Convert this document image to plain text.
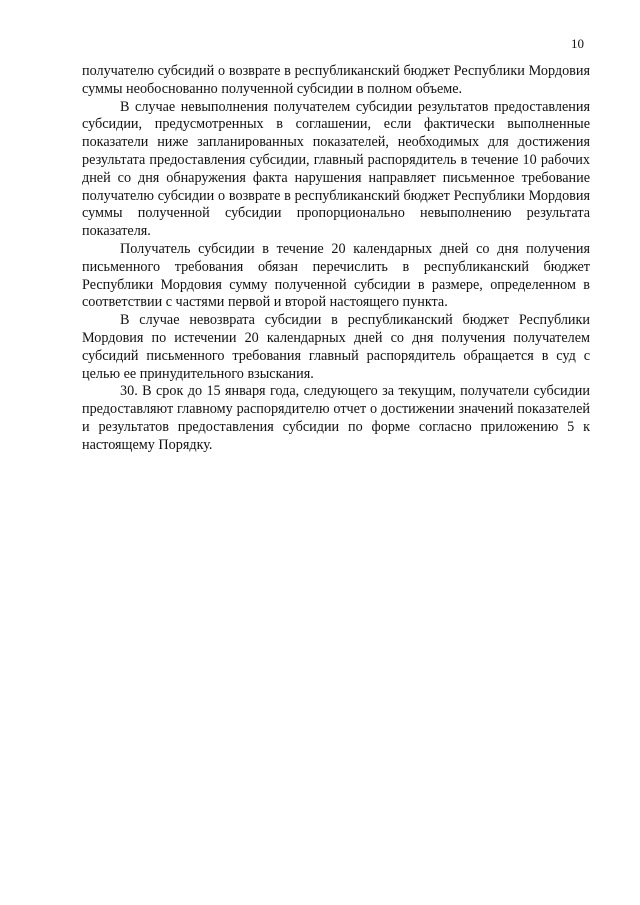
10

получателю субсидий о возврате в республиканский бюджет Республики Мордовия суммы необоснованно полученной субсидии в полном объеме.

В случае невыполнения получателем субсидии результатов предоставления субсидии, предусмотренных в соглашении, если фактически выполненные показатели ниже запланированных показателей, необходимых для достижения результата предоставления субсидии, главный распорядитель в течение 10 рабочих дней со дня обнаружения факта нарушения направляет письменное требование получателю субсидии о возврате в республиканский бюджет Республики Мордовия суммы полученной субсидии пропорционально невыполнению результата показателя.

Получатель субсидии в течение 20 календарных дней со дня получения письменного требования обязан перечислить в республиканский бюджет Республики Мордовия сумму полученной субсидии в размере, определенном в соответствии с частями первой и второй настоящего пункта.

В случае невозврата субсидии в республиканский бюджет Республики Мордовия по истечении 20 календарных дней со дня получения получателем субсидий письменного требования главный распорядитель обращается в суд с целью ее принудительного взыскания.

30. В срок до 15 января года, следующего за текущим, получатели субсидии предоставляют главному распорядителю отчет о достижении значений показателей и результатов предоставления субсидии по форме согласно приложению 5 к настоящему Порядку.
